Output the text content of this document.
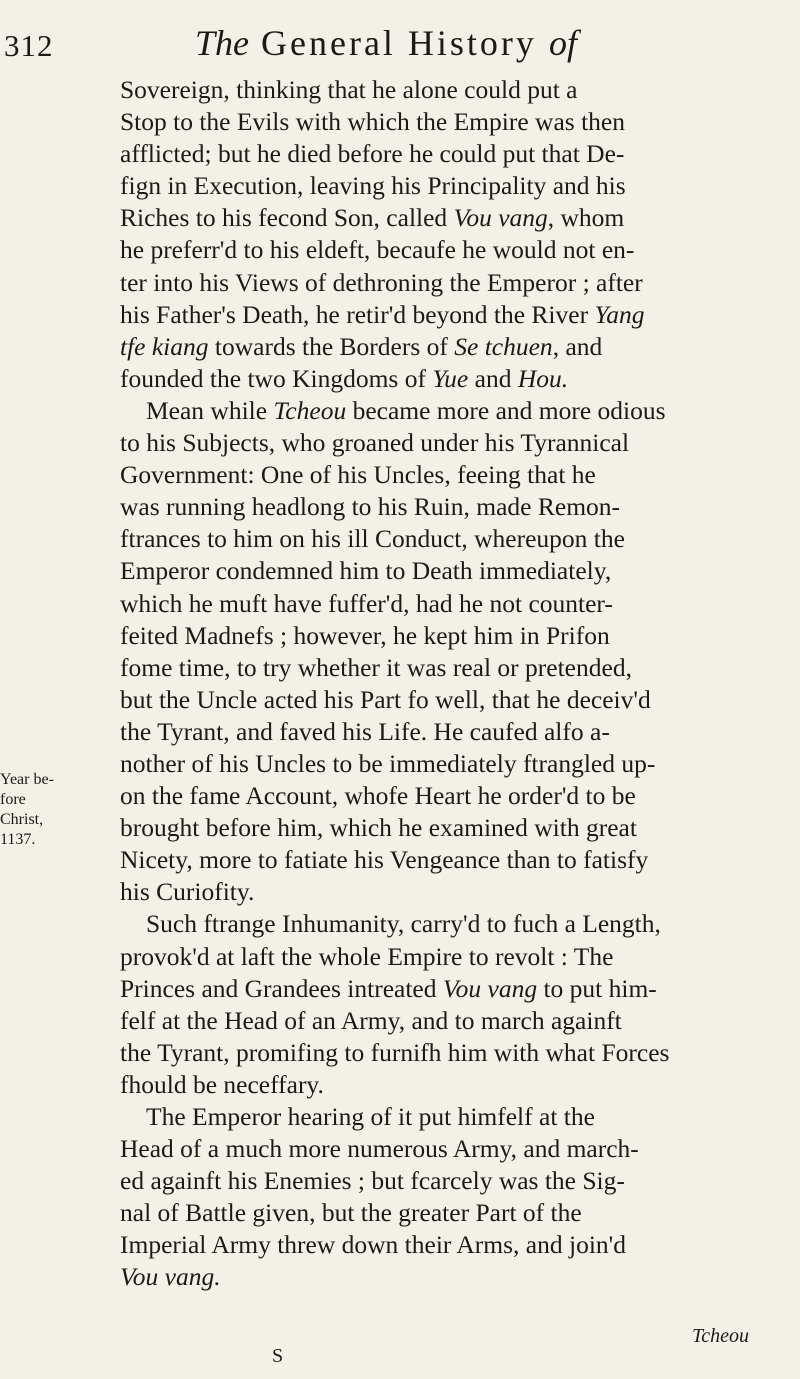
312	The General History of
Year be-
fore Christ,
1137.
Sovereign, thinking that he alone could put a
Stop to the Evils with which the Empire was then
afflicted; but he died before he could put that De-
fign in Execution, leaving his Principality and his
Riches to his fecond Son, called Vou vang, whom
he preferr'd to his eldeft, becaufe he would not en-
ter into his Views of dethroning the Emperor ; after
his Father's Death, he retir'd beyond the River Yang
tfe kiang towards the Borders of Se tchuen, and
founded the two Kingdoms of Yue and Hou.
Mean while Tcheou became more and more odious
to his Subjects, who groaned under his Tyrannical
Government: One of his Uncles, feeing that he
was running headlong to his Ruin, made Remon-
ftrances to him on his ill Conduct, whereupon the
Emperor condemned him to Death immediately,
which he muft have fuffer'd, had he not counter-
feited Madnefs ; however, he kept him in Prifon
fome time, to try whether it was real or pretended,
but the Uncle acted his Part fo well, that he deceiv'd
the Tyrant, and faved his Life. He caufed alfo a-
nother of his Uncles to be immediately ftrangled up-
on the fame Account, whofe Heart he order'd to be
brought before him, which he examined with great
Nicety, more to fatiate his Vengeance than to fatisfy
his Curiofity.
Such ftrange Inhumanity, carry'd to fuch a Length,
provok'd at laft the whole Empire to revolt : The
Princes and Grandees intreated Vou vang to put him-
felf at the Head of an Army, and to march againft
the Tyrant, promifing to furnifh him with what Forces
fhould be neceffary.
The Emperor hearing of it put himfelf at the
Head of a much more numerous Army, and march-
ed againft his Enemies ; but fcarcely was the Sig-
nal of Battle given, but the greater Part of the
Imperial Army threw down their Arms, and join'd
Vou vang.
Tcheou
S
